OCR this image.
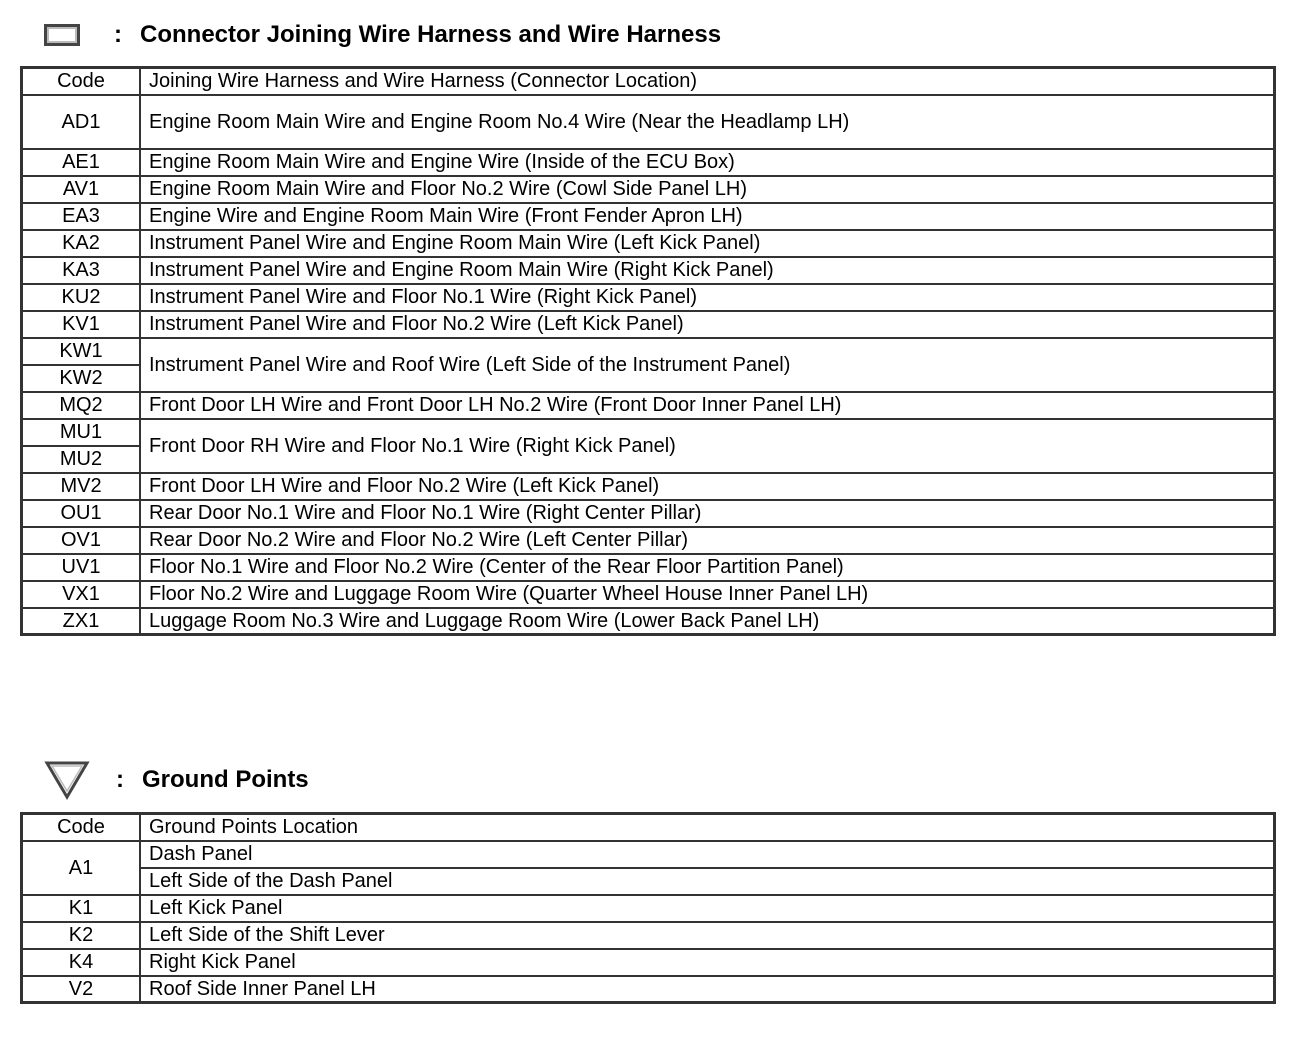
: Connector Joining Wire Harness and Wire Harness
Code	Joining Wire Harness and Wire Harness (Connector Location)
AD1	Engine Room Main Wire and Engine Room No.4 Wire (Near the Headlamp LH)
AE1	Engine Room Main Wire and Engine Wire (Inside of the ECU Box)
AV1	Engine Room Main Wire and Floor No.2 Wire (Cowl Side Panel LH)
EA3	Engine Wire and Engine Room Main Wire (Front Fender Apron LH)
KA2	Instrument Panel Wire and Engine Room Main Wire (Left Kick Panel)
KA3	Instrument Panel Wire and Engine Room Main Wire (Right Kick Panel)
KU2	Instrument Panel Wire and Floor No.1 Wire (Right Kick Panel)
KV1	Instrument Panel Wire and Floor No.2 Wire (Left Kick Panel)
KW1	Instrument Panel Wire and Roof Wire (Left Side of the Instrument Panel)
KW2	
MQ2	Front Door LH Wire and Front Door LH No.2 Wire (Front Door Inner Panel LH)
MU1	Front Door RH Wire and Floor No.1 Wire (Right Kick Panel)
MU2	
MV2	Front Door LH Wire and Floor No.2 Wire (Left Kick Panel)
OU1	Rear Door No.1 Wire and Floor No.1 Wire (Right Center Pillar)
OV1	Rear Door No.2 Wire and Floor No.2 Wire (Left Center Pillar)
UV1	Floor No.1 Wire and Floor No.2 Wire (Center of the Rear Floor Partition Panel)
VX1	Floor No.2 Wire and Luggage Room Wire (Quarter Wheel House Inner Panel LH)
ZX1	Luggage Room No.3 Wire and Luggage Room Wire (Lower Back Panel LH)
: Ground Points
Code	Ground Points Location
A1	Dash Panel
	Left Side of the Dash Panel
K1	Left Kick Panel
K2	Left Side of the Shift Lever
K4	Right Kick Panel
V2	Roof Side Inner Panel LH
